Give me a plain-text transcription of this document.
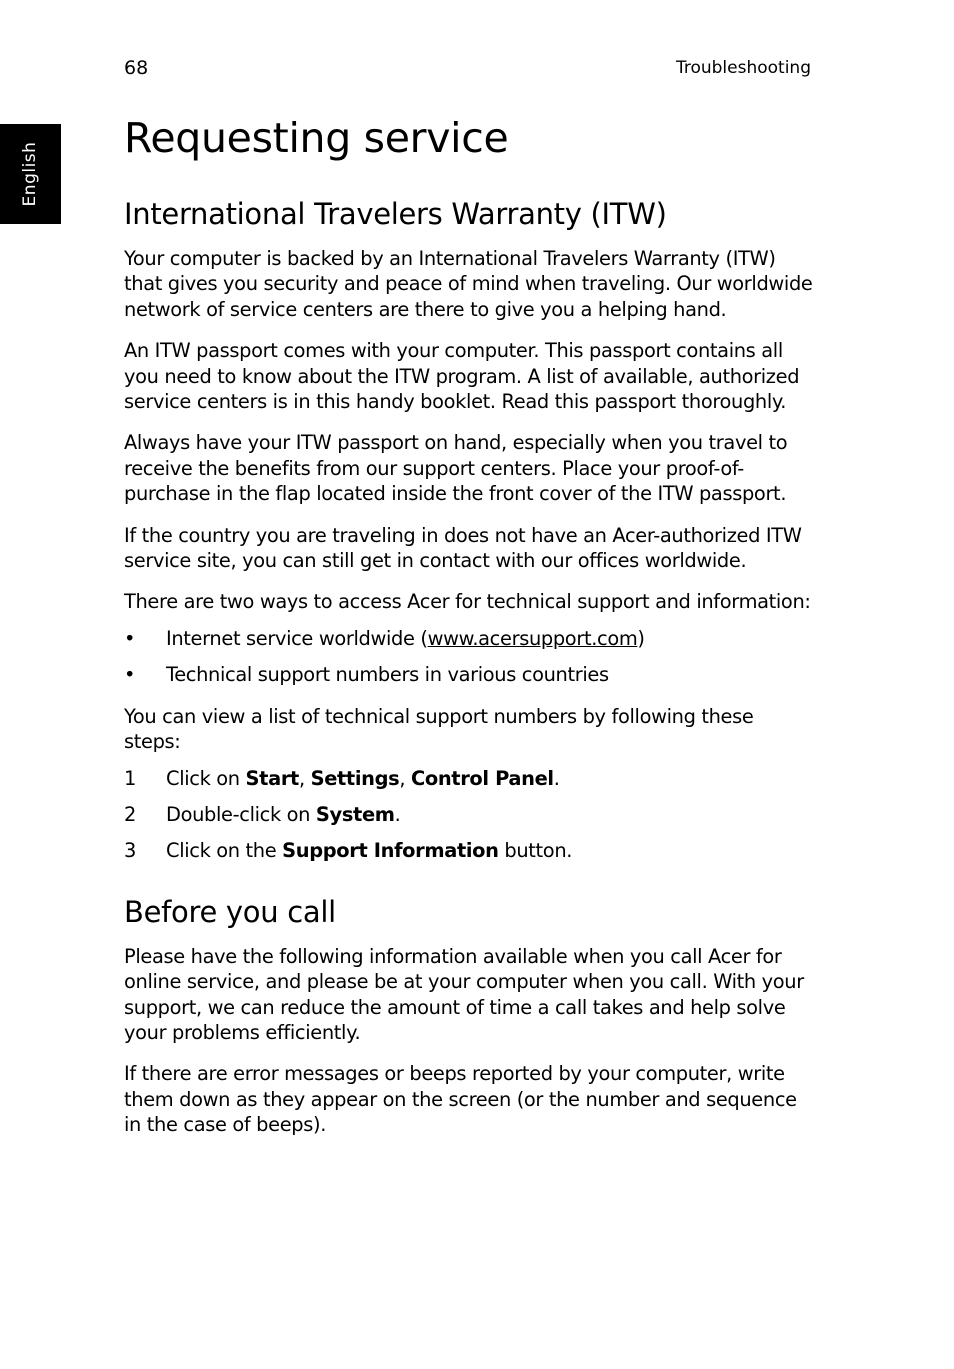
English
68	Troubleshooting
Requesting service
International Travelers Warranty (ITW)

Your computer is backed by an International Travelers Warranty (ITW) that gives you security and peace of mind when traveling. Our worldwide network of service centers are there to give you a helping hand.

An ITW passport comes with your computer. This passport contains all you need to know about the ITW program. A list of available, authorized service centers is in this handy booklet. Read this passport thoroughly.

Always have your ITW passport on hand, especially when you travel to receive the benefits from our support centers. Place your proof-of-purchase in the flap located inside the front cover of the ITW passport.

If the country you are traveling in does not have an Acer-authorized ITW service site, you can still get in contact with our offices worldwide.

There are two ways to access Acer for technical support and information:

•	Internet service worldwide (www.acersupport.com)
•	Technical support numbers in various countries

You can view a list of technical support numbers by following these steps:

1	Click on Start, Settings, Control Panel.
2	Double-click on System.
3	Click on the Support Information button.
Before you call

Please have the following information available when you call Acer for online service, and please be at your computer when you call. With your support, we can reduce the amount of time a call takes and help solve your problems efficiently.

If there are error messages or beeps reported by your computer, write them down as they appear on the screen (or the number and sequence in the case of beeps).
